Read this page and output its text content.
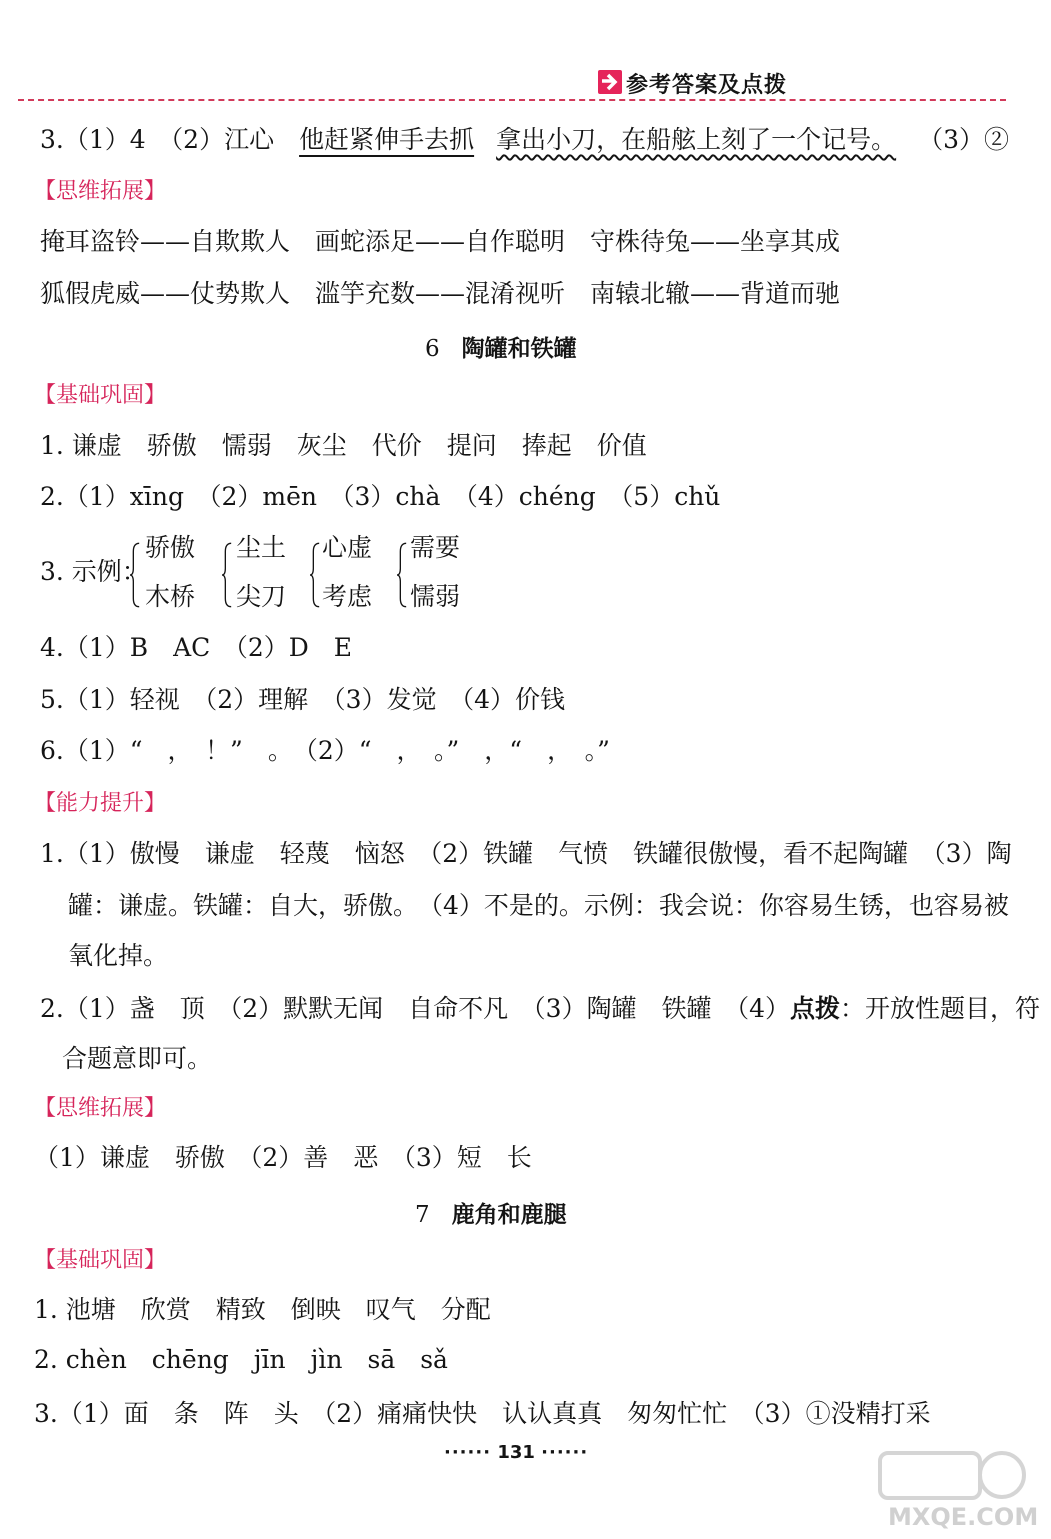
参考答案及点拨
3.（1）4　（2）江心　他赶紧伸手去抓 拿出小刀，在船舷上刻了一个记号。 （3）②
【思维拓展】
掩耳盗铃——自欺欺人　画蛇添足——自作聪明　守株待兔——坐享其成
狐假虎威——仗势欺人　滥竽充数——混淆视听　南辕北辙——背道而驰
6 陶罐和铁罐
【基础巩固】
1. 谦虚　骄傲　懦弱　灰尘　代价　提问　捧起　价值
2.（1）xīng　（2）mēn　（3）chà　（4）chéng　（5）chǔ
3. 示例：
骄傲
木桥
尘土
尖刀
心虚
考虑
需要
懦弱
4.（1）B　AC　（2）D　E
5.（1）轻视　（2）理解　（3）发觉　（4）价钱
6.（1）“　，　！”　。　（2）“　，　。”　，“　，　。”
【能力提升】
1.（1）傲慢　谦虚　轻蔑　恼怒　（2）铁罐　气愤　铁罐很傲慢，看不起陶罐　（3）陶
罐：谦虚。铁罐：自大，骄傲。　（4）不是的。示例：我会说：你容易生锈，也容易被
氧化掉。
2.（1）盏　顶　（2）默默无闻　自命不凡　（3）陶罐　铁罐　（4）点拨：开放性题目，符
合题意即可。
【思维拓展】
（1）谦虚　骄傲　（2）善　恶　（3）短　长
7 鹿角和鹿腿
【基础巩固】
1. 池塘　欣赏　精致　倒映　叹气　分配
2. chèn　chēng　jīn　jìn　sā　sǎ
3.（1）面　条　阵　头　（2）痛痛快快　认认真真　匆匆忙忙　（3）①没精打采
······ 131 ······
MXQE.COM
